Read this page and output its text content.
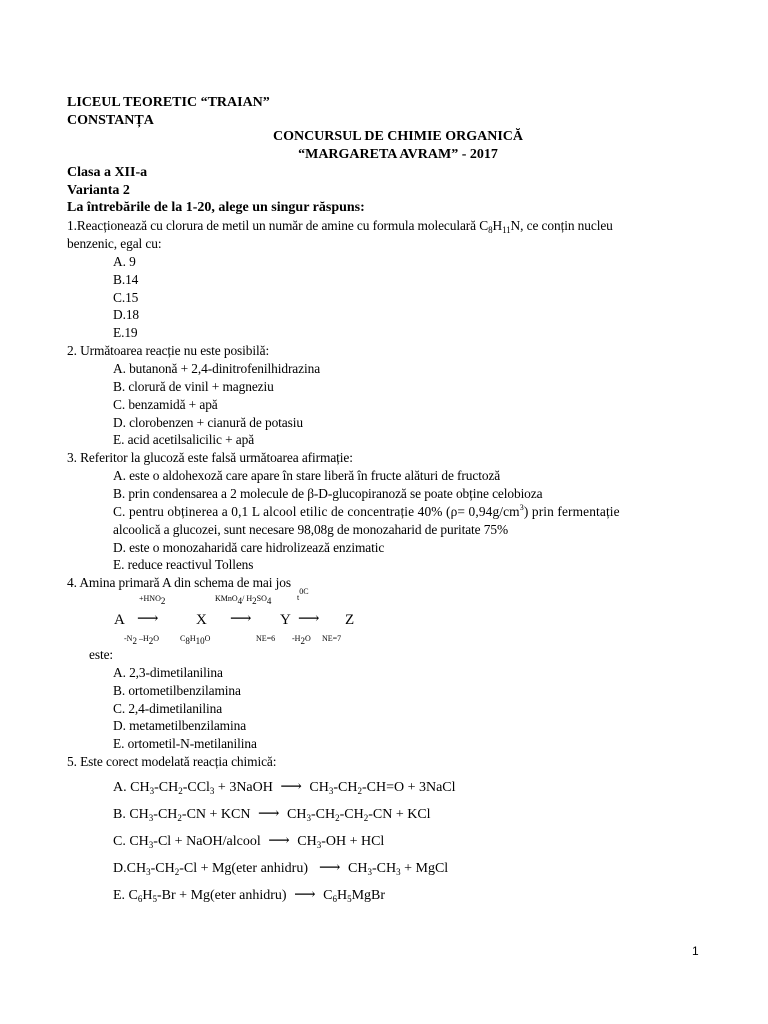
LICEUL TEORETIC “TRAIAN”
CONSTANȚA
CONCURSUL DE CHIMIE ORGANICĂ
“MARGARETA AVRAM” - 2017
Clasa a XII-a
Varianta 2
La întrebările de la 1-20, alege un singur răspuns:
1.Reacționează cu clorura de metil un număr de amine cu formula moleculară $C_8H_{11}N$, ce conțin nucleu
benzenic, egal cu:
A. 9
B.14
C.15
D.18
E.19
2. Următoarea reacție nu este posibilă:
A. butanonă + 2,4-dinitrofenilhidrazina
B. clorură de vinil + magneziu
C. benzamidă + apă
D. clorobenzen + cianură de potasiu
E. acid acetilsalicilic + apă
3. Referitor la glucoză este falsă următoarea afirmație:
A. este o aldohexoză care apare în stare liberă în fructe alături de fructoză
B. prin condensarea a 2 molecule de β-D-glucopiranoză se poate obține celobioza
C. pentru obținerea a 0,1 L alcool etilic de concentrație 40% $(\rho= 0,94g/cm^3)$ prin fermentație
alcoolică a glucozei, sunt necesare 98,08g de monozaharid de puritate 75%
D. este o monozaharidă care hidrolizează enzimatic
E. reduce reactivul Tollens
4. Amina primară A din schema de mai jos
$+HNO_2$	KMnO$_4$/ $H_2SO_4$	$t^{0C}$
A ⟶ X ⟶ Y ⟶ Z
$-N_2$ $-H_2O$	$C_8H_{10}O$	NE=6 $-H_2O$ NE=7
este:
A. 2,3-dimetilanilina
B. ortometilbenzilamina
C. 2,4-dimetilanilina
D. metametilbenzilamina
E. ortometil-N-metilanilina
5. Este corect modelată reacția chimică:
A. $CH_3-CH_2-CCl_3$ + 3NaOH ⟶ $CH_3-CH_2-CH=O$ + 3NaCl
B. $CH_3-CH_2-CN$ + KCN ⟶ $CH_3-CH_2-CH_2-CN$ + KCl
C. $CH_3-Cl$ + NaOH/alcool ⟶ $CH_3-OH$ + HCl
$D.CH_3-CH_2-Cl$ + Mg(eter anhidru)  ⟶ $CH_3-CH_3$ + MgCl
E. $C_6H_5-Br$ + Mg(eter anhidru) ⟶ $C_6H_5MgBr$
1
